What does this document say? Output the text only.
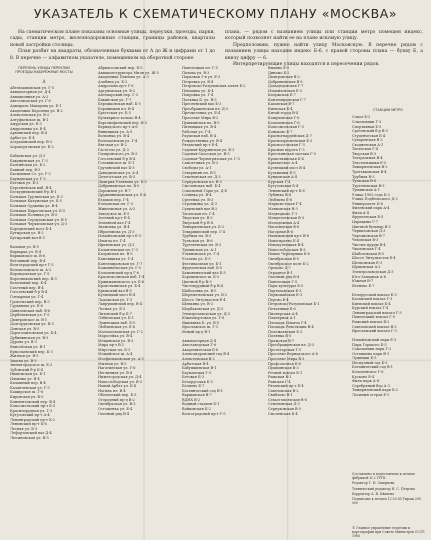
УКАЗАТЕЛЬ К СХЕМАТИЧЕСКОМУ ПЛАНУ «МОСКВА»

На схематическом плане показаны основные улицы, переулки, проезды, парки, сады, станции метро, железнодорожные станции, границы районов, кварталы новой застройки столицы.

План разбит на квадраты, обозначенные буквами от А до Ж и цифрами от 1 до 8. В перечне — алфавитном указателе, помещенном на оборотной стороне

плана, — рядом с названием улицы или станции метро помещен индекс, который позволяет найти ее на плане искомую улицу.

Предположим, нужно найти улицу Московскую. В перечне рядом с названием улицы находим индекс Б-6, с правой стороны плана — букву Б, а внизу цифру — 6.

Интерпретирующие улицы находятся в пересечении рядов.

ПЕРЕЧЕНЬ УЛИЦЫ ПЕРЕУЛКИ ПРОЕЗДЫ НАБЕРЕЖНЫЕ МОСТЫ
А
Абельмановская ул. Г-5
Авиамоторная ул. Д-4
Авиационная ул. А-2
Автозаводская ул. Г-6
Адмирала Макарова ул. Б-1
Академика Королева ул. В-2
Алексеевская ул. В-2
Алтуфьевское ш. В-1
Амурская ул. Е-3
Андроновка ул. Е-4
Армянский пер. В-4
Арбат ул. Б-4
Астраханский пер. В-3
Аэропортовская ул. Б-2
Бабаевская ул. Д-3
Бакунинская ул. Г-3
Балтийская ул. Б-2
Банный пер. В-3
Басманная Ст. ул. Г-3
Бауманская ул. Г-3
Беговая ул. Б-3
Берсеневская наб. В-4
Бескудниковский б-р В-1
Большая Грузинская ул. Б-3
Большая Калужская ул. Б-5
Большая Ордынка ул. В-4
Большая Пироговская ул. Б-5
Большая Полянка ул. В-5
Большая Серпуховская ул. В-5
Большая Черкизовская ул. Д-3
Бородинский мост Б-4
Бутырская ул. В-2
Бутырский вал В-3
Валовая ул. В-5
Варварка ул. В-4
Варшавское ш. В-6
Ветошный пер. В-4
Волгоградский пр-т Г-5
Волоколамское ш. А-2
Воронцовская ул. Г-5
Воротниковский пер. В-3
Вспольный пер. Б-4
Газетный пер. В-4
Гоголевский б-р В-4
Гончарная ул. Г-4
Грохольский пер. В-3
Гурьянова ул. Е-6
Даниловская наб. В-6
Дербеневская ул. Г-5
Дмитровское ш. В-1
Долгоруковская ул. В-3
Донская ул. В-5
Дорогомиловская ул. Б-4
Дубининская ул. В-5
Дурова ул. В-3
Енисейская ул. В-1
Ермолаевский пер. Б-3
Житная ул. В-5
Зацепа ул. В-5
Звенигородское ш. Б-3
Зубовский б-р Б-4
Ивановская ул. Б-1
Ильинка ул. В-4
Калашный пер. В-4
Каланчевская ул. Г-3
Каширское ш. Г-6
Кировская ул. В-3
Климентовский пер. В-4
Комсомольский пр-т Б-5
Краснопрудная ул. Г-3
Кутузовский пр-т А-4
Ленинградский пр-т Б-2
Ленинский пр-т Б-6
Лесная ул. Б-3
Лефортовский вал Д-4
Люсиновская ул. В-5
Абрикосовский пер. Б-5
Авиаконструктора Миля ул. Ж-5
Академика Павлова ул. А-3
Алабяна ул. Б-2
Андропова пр-т Г-6
Аргуновская ул. В-2
Аптекарский пер. Г-3
Бакинская ул. Г-7
Бережковская наб. Б-5
Боровицкая пл. В-4
Брестская ул. Б-3
Бульварное кольцо В-4
Варсонофьевский пер. В-3
Вернадского пр-т А-6
Винницкая ул. А-5
Волхонка ул. В-4
Волочаевская ул. Г-4
Вятская ул. В-2
Гастелло ул. Д-3
Гиляровского ул. В-3
Гоголевский б-р В-4
Головинское ш. Б-1
Грузинский вал Б-3
Давыдковская ул. А-4
Делегатская ул. В-3
Дмитрия Ульянова ул. Б-5
Добрынинская пл. В-5
Дорожная ул. В-7
Дружинниковская ул. Б-4
Ездаков пер. Г-4
Елоховская пл. Г-3
Живописная ул. А-3
Заводское ш. Е-5
Зеленый пр-т Е-4
Земляной вал Г-4
Знаменка ул. В-4
Ибрагимова ул. Д-3
Измайловский пр-т Е-3
Ильича пл. Г-4
Ириновская ул. Д-3
Каланчевская пл. Г-3
Калужская пл. В-5
Каменщики ул. Г-4
Кантемировская ул. Г-7
Кожевническая ул. Г-5
Коломенский пр-д Г-6
Краснохолмская наб. Г-4
Кржижановского ул. Б-6
Кропоткинская ул. Б-4
Крымский вал В-5
Кузнецкий мост В-4
Ладожская ул. Г-3
Лаврушинский пер. В-4
Лесная ул. Б-3
Литовский б-р Б-7
Лобненская ул. Б-1
Лужнецкая наб. Б-5
Люблинская ул. Е-6
Маломосковская ул. Г-2
Маросейка ул. В-4
Мещанская ул. В-3
Мира пр-т В-2
Миусская пл. Б-3
Можайское ш. А-4
Мосфильмовская ул. А-5
Мытная ул. В-5
Нагатинская ул. Г-6
Неглинная ул. В-4
Нижегородская ул. Д-4
Новослободская ул. В-3
Новый Арбат ул. Б-4
Ногина пл. В-4
Оболенский пер. Б-5
Огородный пр-д В-2
Октябрьская ул. В-3
Остоженка ул. Б-4
Охотный ряд В-4
Павелецкая пл. Г-5
Палиха ул. В-3
Парковая 1-я ул. Е-3
Петровка ул. В-4
Петровско-Разумовская аллея Б-2
Плющиха ул. Б-4
Покровка ул. Г-4
Полянка Б. ул. В-5
Пресненский вал Б-3
Преображенская пл. Д-3
Пречистенка ул. Б-4
Проспект Мира В-2
Пушкинская пл. В-3
Пятницкая ул. В-4
Рабочая ул. Г-4
Раушская наб. В-4
Рождественка ул. В-4
Рязанский пр-т Е-4
Садовая-Кудринская ул. Б-3
Садовая-Спасская ул. В-3
Садовая-Черногрязская ул. Г-3
Самотечная ул. В-3
Свободы ул. А-1
Северянин пл. В-1
Семеновская пл. Д-3
Серпуховская пл. В-5
Смоленская наб. Б-4
Соколиной Горы ул. Д-4
Солянка ул. В-4
Сретенка ул. В-3
Стромынка ул. Д-3
Сущевский вал В-2
Таганская пл. Г-4
Тверская ул. В-3
Тверской б-р В-4
Тимирязевская ул. Б-2
Товарищеский пер. Г-4
Трубная пл. В-3
Тульская ул. В-6
Тургеневская пл. В-3
Тушинская ул. А-1
Ульяновская ул. Г-4
Усачева ул. Б-5
Фестивальная ул. Б-1
Фрунзенская наб. Б-5
Хамовнический вал Б-5
Хорошевское ш. Б-3
Цветной б-р В-3
Чистопрудный б-р В-4
Шаболовка ул. В-5
Шереметьевская ул. В-2
Шоссе Энтузиастов Е-4
Щепкина ул. В-3
Щербаковская ул. Д-3
Электрозаводская ул. Д-3
Южнопортовая ул. Г-6
Якиманка Б. ул. В-5
Ярославское ш. Г-1
Ясный пр-д В-1
Авиамоторная Д-4
Автозаводская Г-6
Академическая Б-6
Александровский сад В-4
Алексеевская В-2
Арбатская В-4
Бабушкинская В-1
Бауманская Г-3
Беговая Б-3
Белорусская Б-3
Беляево Б-7
Ботанический сад В-1
Варшавская В-7
ВДНХ В-2
Водный стадион Б-1
Войковская Б-2
Волгоградский пр-т Г-5
Выхино Е-5
Динамо Б-2
Дмитровская В-2
Добрынинская В-5
Домодедовская Г-7
Измайловская Е-3
Калужская Б-7
Кантемировская Г-7
Каховская В-7
Киевская Б-4
Китай-город В-4
Кожуховская Г-6
Коломенская Г-6
Комсомольская Г-3
Коньково Б-7
Красногвардейская Д-7
Краснопресненская Б-3
Красносельская Г-3
Красные ворота Г-3
Крестьянская застава Г-5
Кропоткинская Б-4
Крылатское А-4
Кузнецкий мост В-4
Кузьминки Е-5
Кунцевская А-4
Курская Г-4
Кутузовская Б-4
Ленинский пр-т Б-6
Лубянка В-4
Люблино Е-6
Марксистская Г-4
Маяковская В-3
Медведково Г-1
Менделеевская В-3
Молодежная А-4
Нагатинская В-6
Нагорная В-6
Нахимовский пр-т В-6
Новогиреево Е-4
Новокузнецкая В-4
Новослободская В-3
Новые Черемушки Б-6
Октябрьская В-5
Октябрьское поле Б-2
Орехово Д-7
Отрадное В-1
Охотный ряд В-4
Павелецкая Г-5
Парк культуры Б-5
Партизанская Е-3
Первомайская Е-3
Перово Е-4
Петровско-Разумовская Б-1
Печатники Е-6
Пионерская А-4
Планерная А-1
Площадь Ильича Г-4
Площадь Революции В-4
Полежаевская Б-3
Полянка В-5
Пражская В-7
Преображенская пл. Д-3
Пролетарская Г-5
Проспект Вернадского А-6
Проспект Мира В-3
Профсоюзная Б-6
Пушкинская В-3
Речной вокзал Б-1
Рижская В-2
Римская Г-4
Рязанский пр-т Е-4
Савеловская В-2
Свиблово В-1
Севастопольская В-6
Семеновская Д-3
Серпуховская В-5
Смоленская Б-4
СТАНЦИИ МЕТРО
Сокол Б-2
Сокольники Г-3
Спортивная Б-5
Сретенский б-р В-3
Студенческая Б-4
Сухаревская В-3
Сходненская А-1
Таганская Г-4
Тверская В-3
Театральная В-4
Текстильщики Е-5
Тимирязевская В-2
Третьяковская В-4
Трубная В-3
Тульская В-6
Тургеневская В-3
Тушинская А-1
Улица 1905 года Б-3
Улица Подбельского Д-2
Университет Б-6
Филевский парк А-4
Фили А-4
Фрунзенская Б-5
Царицыно Г-7
Цветной бульвар В-3
Черкизовская Д-3
Чертановская В-7
Чеховская В-3
Чистые пруды В-4
Чкаловская Г-4
Шаболовская В-5
Шоссе Энтузиастов Е-4
Щелковская Е-3
Щукинская А-2
Электрозаводская Д-3
Юго-Западная А-6
Южная В-7
Ясенево Б-7
Белорусский вокзал Б-3
Казанский вокзал Г-3
Киевский вокзал Б-4
Курский вокзал Г-4
Ленинградский вокзал Г-3
Павелецкий вокзал Г-5
Рижский вокзал В-2
Савеловский вокзал В-2
Ярославский вокзал Г-3
Измайловский парк Е-3
Парк Горького Б-5
Сокольники парк Г-2
Останкино парк В-1
Лужники Б-5
Нескучный сад Б-5
Ботанический сад В-1
Коломенское Г-6
Кусково Е-4
Фили парк А-4
Серебряный бор А-3
Тимирязевский парк Б-2
Лосиный остров Е-1

Составлено и подготовлено к печати фабрикой № 2 ГУГК

Редактор Г. И. Смирнова

Технический редактор Н. С. Петрова

Корректор А. В. Иванова

Подписано к печати 12.03.85 Тираж 200 000

© Главное управление геодезии и картографии при Совете Министров СССР, 1985
